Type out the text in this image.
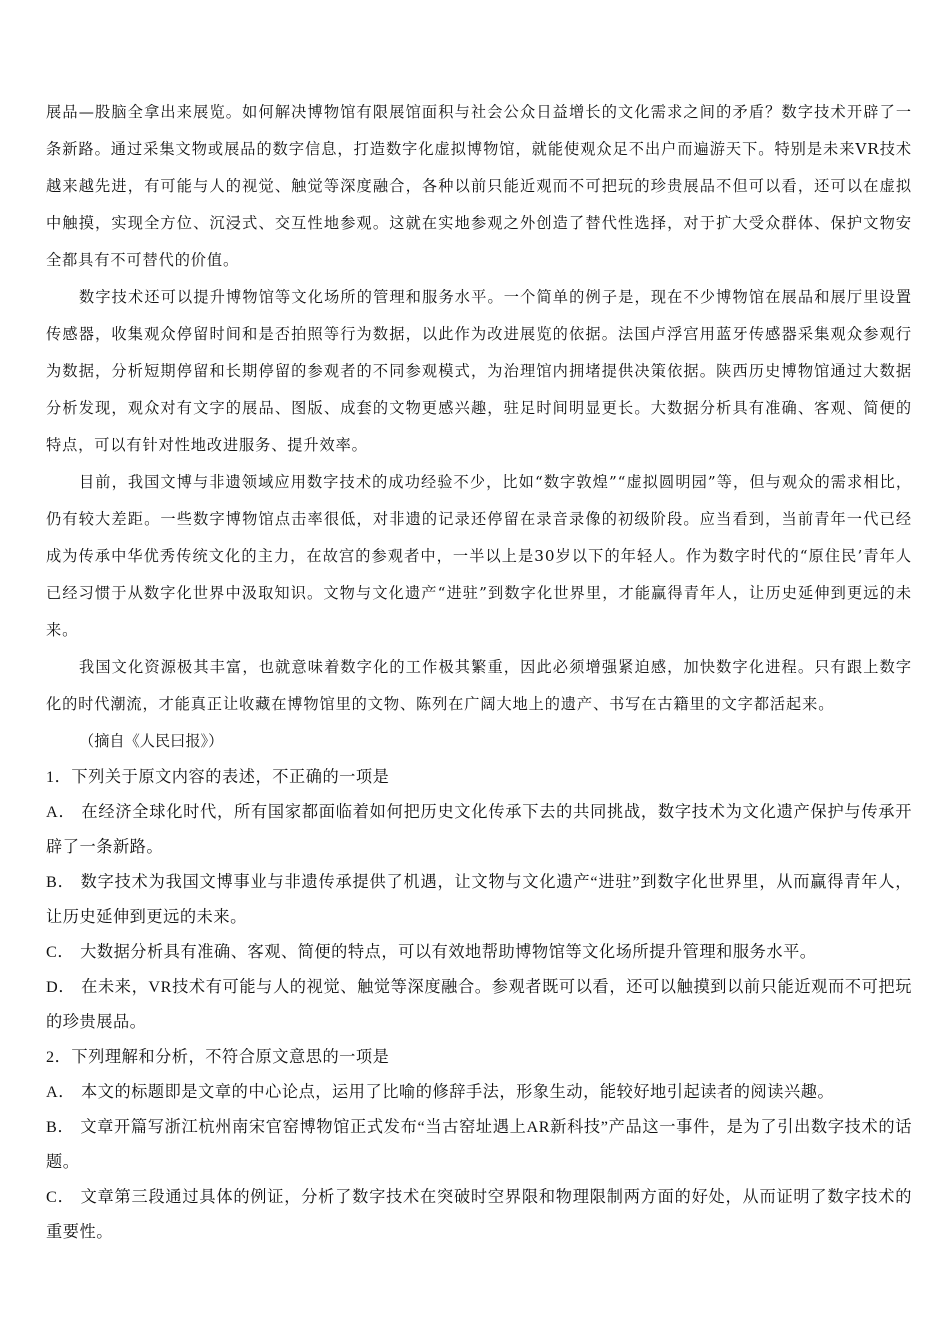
展品—股脑全拿出来展览。如何解决博物馆有限展馆面积与社会公众日益增长的文化需求之间的矛盾？数字技术开辟了一条新路。通过采集文物或展品的数字信息，打造数字化虚拟博物馆，就能使观众足不出户而遍游天下。特别是未来VR技术越来越先进，有可能与人的视觉、触觉等深度融合，各种以前只能近观而不可把玩的珍贵展品不但可以看，还可以在虚拟中触摸，实现全方位、沉浸式、交互性地参观。这就在实地参观之外创造了替代性选择，对于扩大受众群体、保护文物安全都具有不可替代的价值。

数字技术还可以提升博物馆等文化场所的管理和服务水平。一个简单的例子是，现在不少博物馆在展品和展厅里设置传感器，收集观众停留时间和是否拍照等行为数据，以此作为改进展览的依据。法国卢浮宫用蓝牙传感器采集观众参观行为数据，分析短期停留和长期停留的参观者的不同参观模式，为治理馆内拥堵提供决策依据。陕西历史博物馆通过大数据分析发现，观众对有文字的展品、图版、成套的文物更感兴趣，驻足时间明显更长。大数据分析具有准确、客观、简便的特点，可以有针对性地改进服务、提升效率。

目前，我国文博与非遗领域应用数字技术的成功经验不少，比如“数字敦煌”“虚拟圆明园”等，但与观众的需求相比，仍有较大差距。一些数字博物馆点击率很低，对非遗的记录还停留在录音录像的初级阶段。应当看到，当前青年一代已经成为传承中华优秀传统文化的主力，在故宫的参观者中，一半以上是30岁以下的年轻人。作为数字时代的“原住民’青年人已经习惯于从数字化世界中汲取知识。文物与文化遗产“进驻”到数字化世界里，才能赢得青年人，让历史延伸到更远的未来。

我国文化资源极其丰富，也就意味着数字化的工作极其繁重，因此必须增强紧迫感，加快数字化进程。只有跟上数字化的时代潮流，才能真正让收藏在博物馆里的文物、陈列在广阔大地上的遗产、书写在古籍里的文字都活起来。

（摘自《人民曰报》）

1．下列关于原文内容的表述，不正确的一项是

A． 在经济全球化时代，所有国家都面临着如何把历史文化传承下去的共同挑战，数字技术为文化遗产保护与传承开辟了一条新路。

B． 数字技术为我国文博事业与非遗传承提供了机遇，让文物与文化遗产“进驻”到数字化世界里，从而赢得青年人，让历史延伸到更远的未来。

C． 大数据分析具有准确、客观、简便的特点，可以有效地帮助博物馆等文化场所提升管理和服务水平。

D． 在未来，VR技术有可能与人的视觉、触觉等深度融合。参观者既可以看，还可以触摸到以前只能近观而不可把玩的珍贵展品。

2．下列理解和分析，不符合原文意思的一项是

A． 本文的标题即是文章的中心论点，运用了比喻的修辞手法，形象生动，能较好地引起读者的阅读兴趣。

B． 文章开篇写浙江杭州南宋官窑博物馆正式发布“当古窑址遇上AR新科技”产品这一事件，是为了引出数字技术的话题。

C． 文章第三段通过具体的例证，分析了数字技术在突破时空界限和物理限制两方面的好处，从而证明了数字技术的重要性。
